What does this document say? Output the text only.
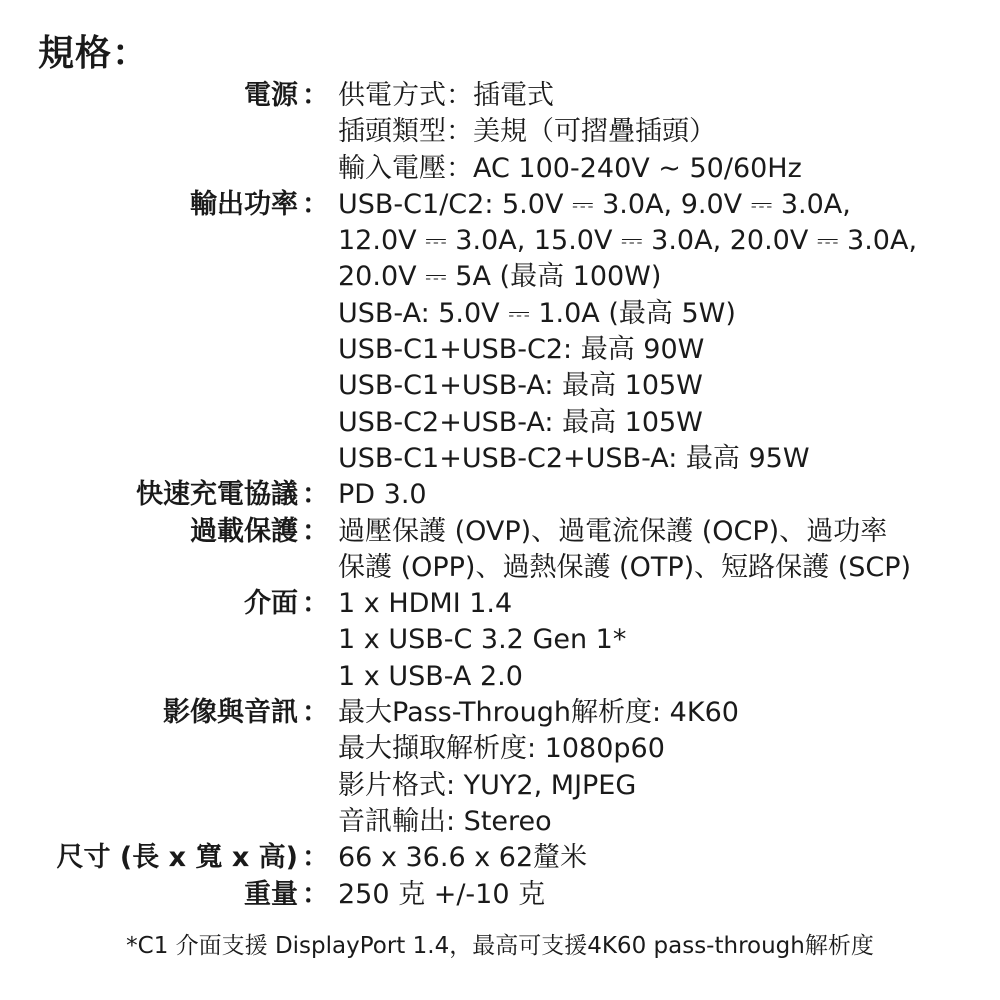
規格：
電源 ： 供電方式：插電式
插頭類型：美規（可摺疊插頭）
輸入電壓：AC 100-240V ~ 50/60Hz
輸出功率 ： USB-C1/C2: 5.0V ⎓ 3.0A, 9.0V ⎓ 3.0A,
12.0V ⎓ 3.0A, 15.0V ⎓ 3.0A, 20.0V ⎓ 3.0A,
20.0V ⎓ 5A (最高 100W)
USB-A: 5.0V ⎓ 1.0A (最高 5W)
USB-C1+USB-C2: 最高 90W
USB-C1+USB-A: 最高 105W
USB-C2+USB-A: 最高 105W
USB-C1+USB-C2+USB-A: 最高 95W
快速充電協議 ： PD 3.0
過載保護 ： 過壓保護 (OVP)、過電流保護 (OCP)、過功率
保護 (OPP)、過熱保護 (OTP)、短路保護 (SCP)
介面 ： 1 x HDMI 1.4
1 x USB-C 3.2 Gen 1*
1 x USB-A 2.0
影像與音訊 ： 最大Pass-Through解析度: 4K60
最大擷取解析度: 1080p60
影片格式: YUY2, MJPEG
音訊輸出: Stereo
尺寸 (長 x 寬 x 高) ： 66 x 36.6 x 62釐米
重量 ： 250 克 +/-10 克
*C1 介面支援 DisplayPort 1.4，最高可支援4K60 pass-through解析度
